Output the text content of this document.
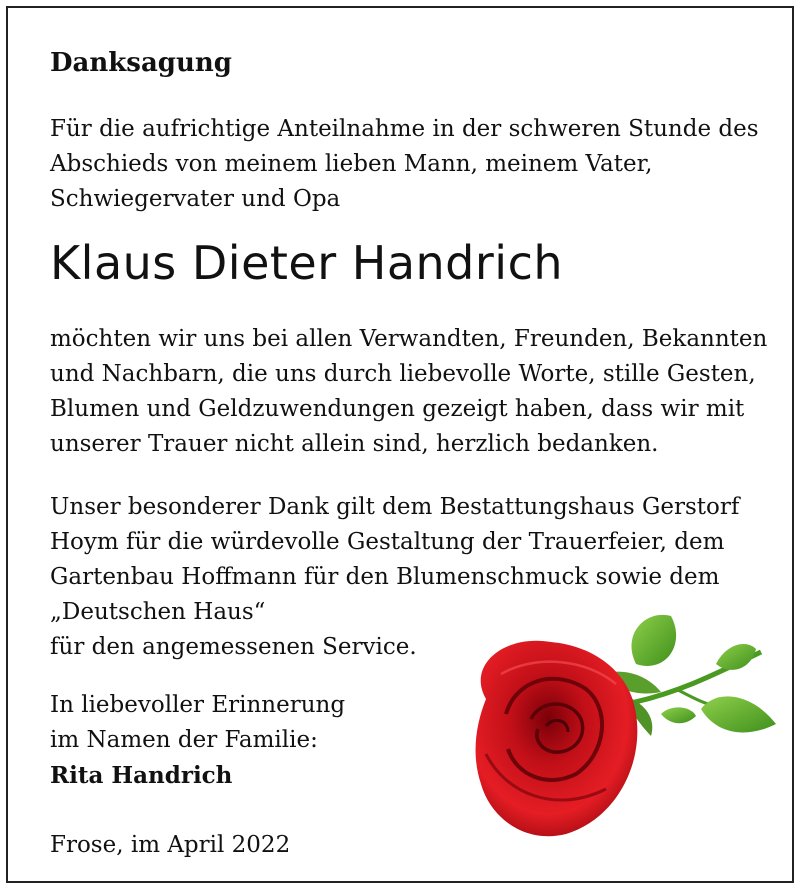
Danksagung
Für die aufrichtige Anteilnahme in der schweren Stunde des
Abschieds von meinem lieben Mann, meinem Vater,
Schwiegervater und Opa
Klaus Dieter Handrich
möchten wir uns bei allen Verwandten, Freunden, Bekannten
und Nachbarn, die uns durch liebevolle Worte, stille Gesten,
Blumen und Geldzuwendungen gezeigt haben, dass wir mit
unserer Trauer nicht allein sind, herzlich bedanken.
Unser besonderer Dank gilt dem Bestattungshaus Gerstorf
Hoym für die würdevolle Gestaltung der Trauerfeier, dem
Gartenbau Hoffmann für den Blumenschmuck sowie dem
„Deutschen Haus“
für den angemessenen Service.
In liebevoller Erinnerung
im Namen der Familie:
Rita Handrich
Frose, im April 2022
